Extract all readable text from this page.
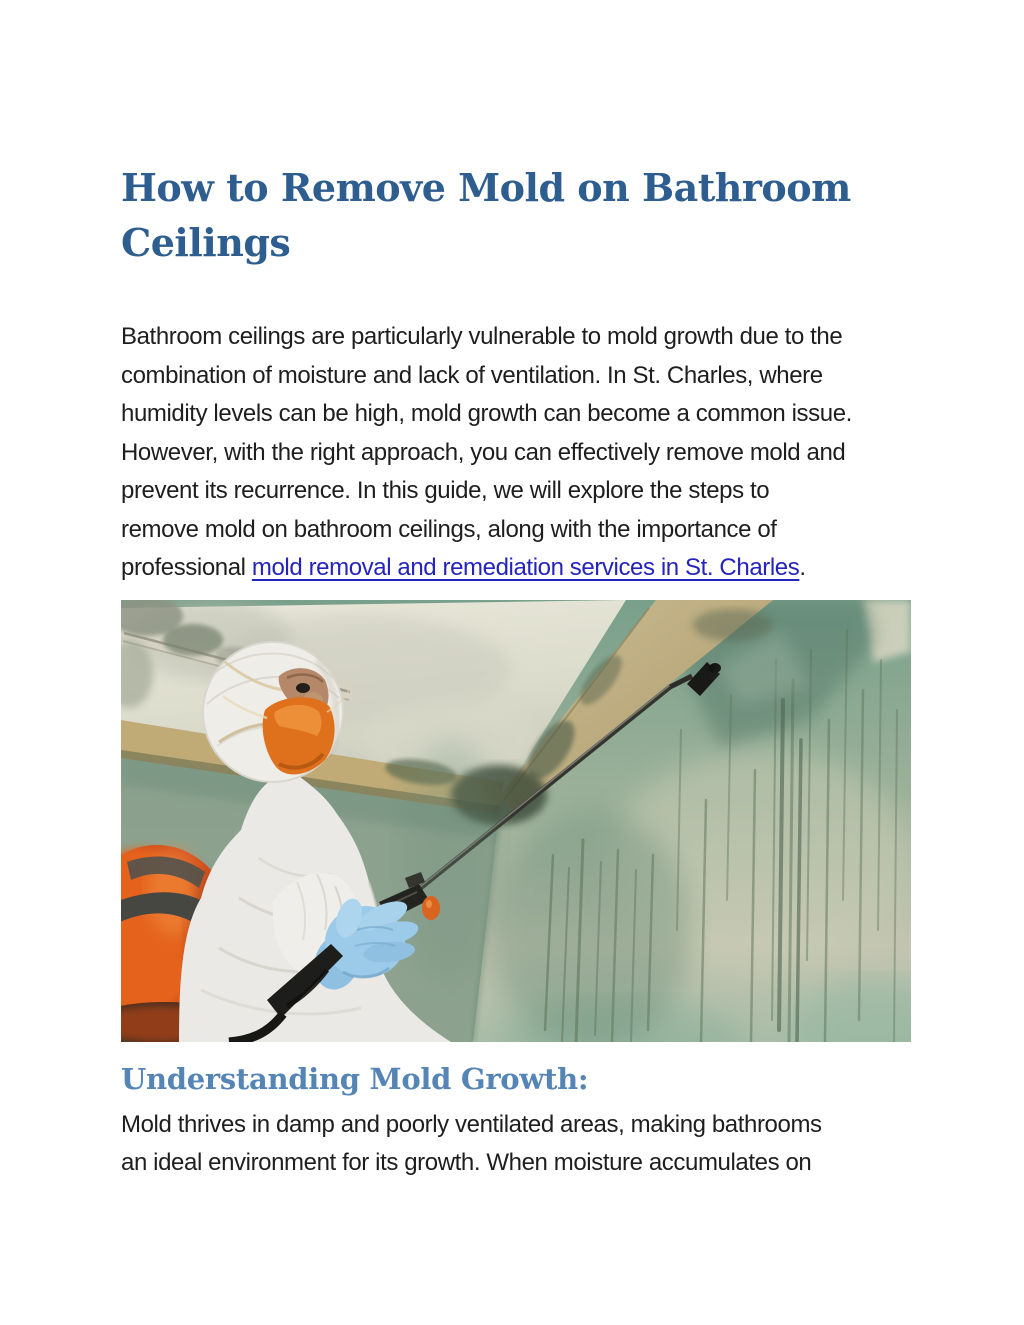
How to Remove Mold on Bathroom Ceilings
Bathroom ceilings are particularly vulnerable to mold growth due to the
combination of moisture and lack of ventilation. In St. Charles, where
humidity levels can be high, mold growth can become a common issue.
However, with the right approach, you can effectively remove mold and
prevent its recurrence. In this guide, we will explore the steps to
remove mold on bathroom ceilings, along with the importance of
professional mold removal and remediation services in St. Charles.
Understanding Mold Growth:
Mold thrives in damp and poorly ventilated areas, making bathrooms
an ideal environment for its growth. When moisture accumulates on
